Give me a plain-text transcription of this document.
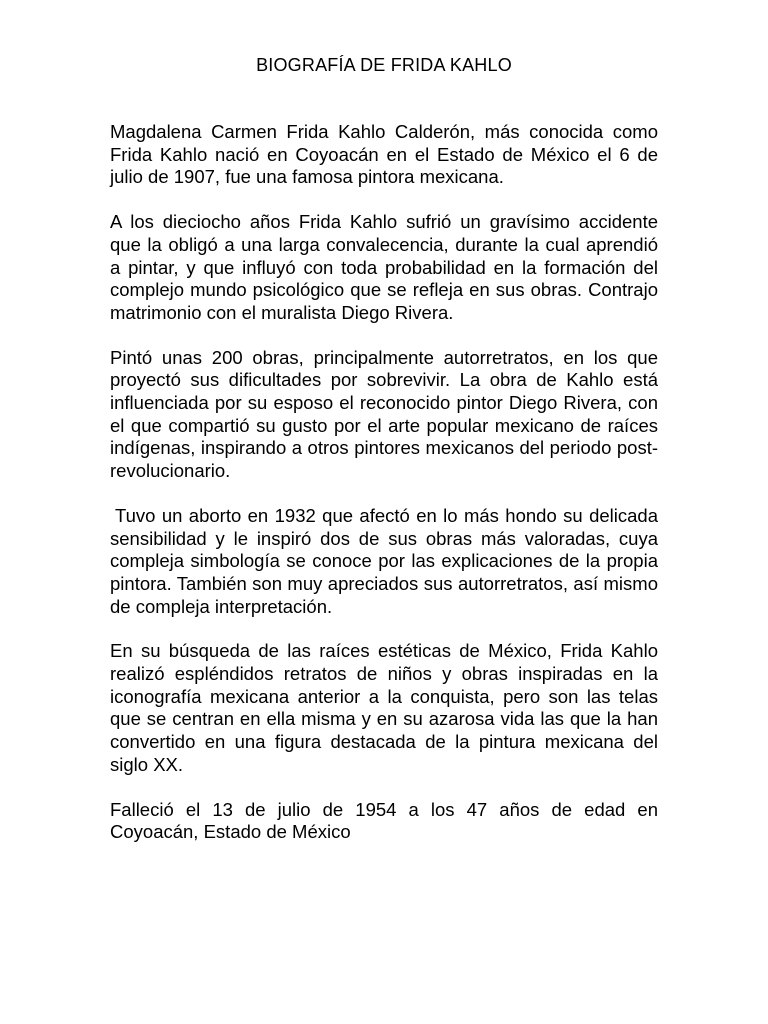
BIOGRAFÍA DE FRIDA KAHLO

Magdalena Carmen Frida Kahlo Calderón, más conocida como Frida Kahlo nació en Coyoacán en el Estado de México el 6 de julio de 1907, fue una famosa pintora mexicana.

A los dieciocho años Frida Kahlo sufrió un gravísimo accidente que la obligó a una larga convalecencia, durante la cual aprendió a pintar, y que influyó con toda probabilidad en la formación del complejo mundo psicológico que se refleja en sus obras. Contrajo matrimonio con el muralista Diego Rivera.

Pintó unas 200 obras, principalmente autorretratos, en los que proyectó sus dificultades por sobrevivir. La obra de Kahlo está influenciada por su esposo el reconocido pintor Diego Rivera, con el que compartió su gusto por el arte popular mexicano de raíces indígenas, inspirando a otros pintores mexicanos del periodo post-revolucionario.

Tuvo un aborto en 1932 que afectó en lo más hondo su delicada sensibilidad y le inspiró dos de sus obras más valoradas, cuya compleja simbología se conoce por las explicaciones de la propia pintora. También son muy apreciados sus autorretratos, así mismo de compleja interpretación.

En su búsqueda de las raíces estéticas de México, Frida Kahlo realizó espléndidos retratos de niños y obras inspiradas en la iconografía mexicana anterior a la conquista, pero son las telas que se centran en ella misma y en su azarosa vida las que la han convertido en una figura destacada de la pintura mexicana del siglo XX.

Falleció el 13 de julio de 1954 a los 47 años de edad en Coyoacán, Estado de México
